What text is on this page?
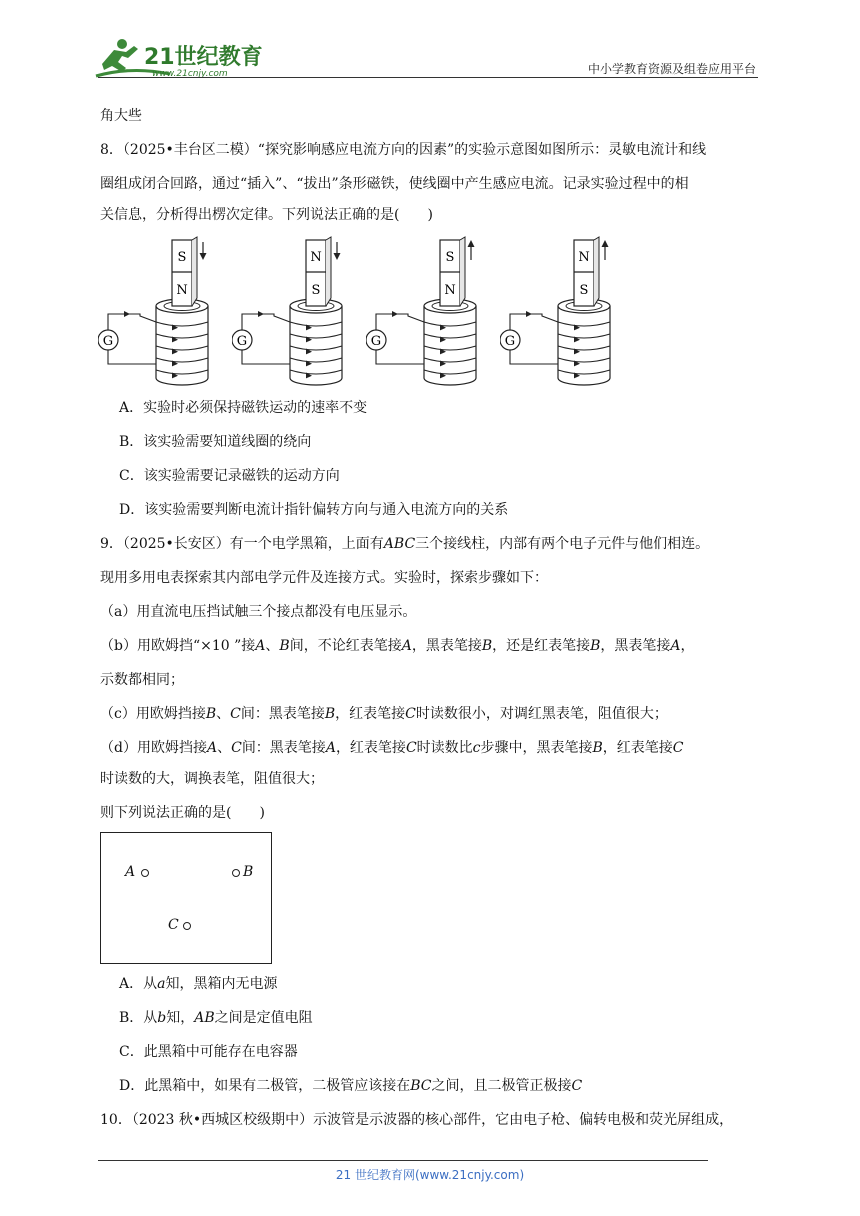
21世纪教育
www.21cnjy.com	中小学教育资源及组卷应用平台
角大些
8．（2025•丰台区二模）“探究影响感应电流方向的因素”的实验示意图如图所示：灵敏电流计和线
圈组成闭合回路，通过“插入”、“拔出”条形磁铁，使线圈中产生感应电流。记录实验过程中的相
关信息，分析得出楞次定律。下列说法正确的是(　　)
S
N
G
N
S
G
S
N
G
N
S
G
A．实验时必须保持磁铁运动的速率不变
B．该实验需要知道线圈的绕向
C．该实验需要记录磁铁的运动方向
D．该实验需要判断电流计指针偏转方向与通入电流方向的关系
9．（2025•长安区）有一个电学黑箱，上面有ABC三个接线柱，内部有两个电子元件与他们相连。
现用多用电表探索其内部电学元件及连接方式。实验时，探索步骤如下：
（a）用直流电压挡试触三个接点都没有电压显示。
（b）用欧姆挡“×10 ”接A、B间，不论红表笔接A，黑表笔接B，还是红表笔接B，黑表笔接A，
示数都相同；
（c）用欧姆挡接B、C间：黑表笔接B，红表笔接C时读数很小，对调红黑表笔，阻值很大；
（d）用欧姆挡接A、C间：黑表笔接A，红表笔接C时读数比c步骤中，黑表笔接B，红表笔接C
时读数的大，调换表笔，阻值很大；
则下列说法正确的是(　　)
A	B
C
A．从a知，黑箱内无电源
B．从b知，AB之间是定值电阻
C．此黑箱中可能存在电容器
D．此黑箱中，如果有二极管，二极管应该接在BC之间，且二极管正极接C
10．（2023 秋•西城区校级期中）示波管是示波器的核心部件，它由电子枪、偏转电极和荧光屏组成，
21 世纪教育网(www.21cnjy.com)
